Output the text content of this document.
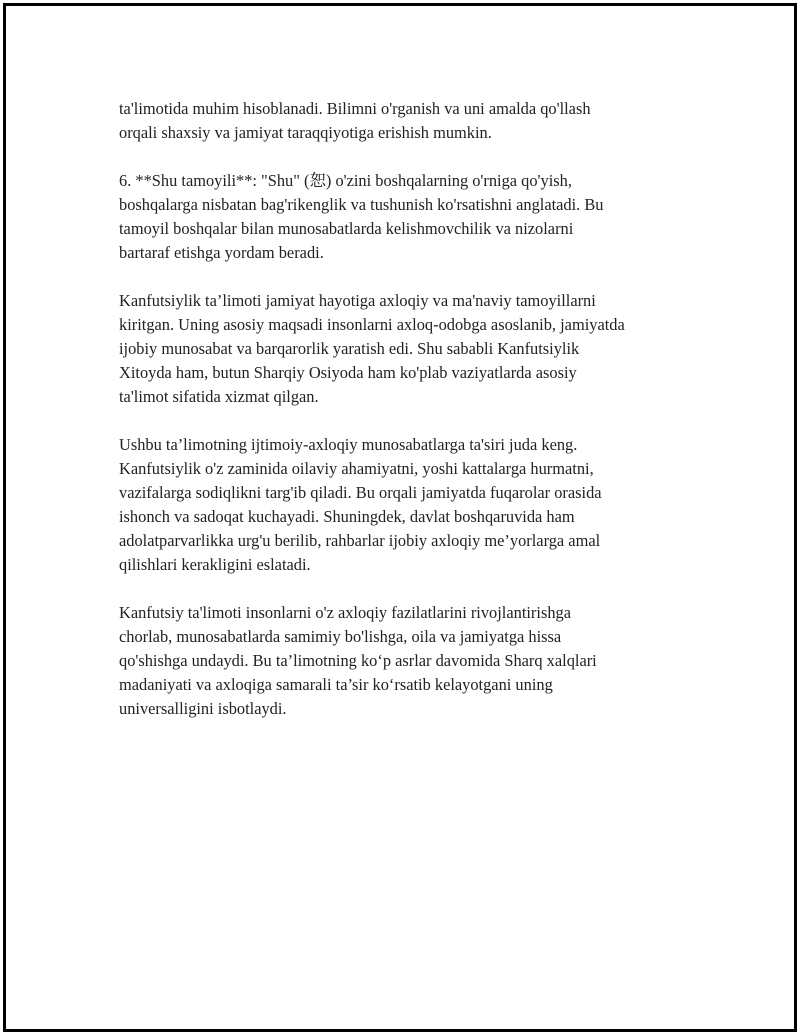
ta'limotida muhim hisoblanadi. Bilimni o'rganish va uni amalda qo'llash
orqali shaxsiy va jamiyat taraqqiyotiga erishish mumkin.

6. **Shu tamoyili**: "Shu" (恕) o'zini boshqalarning o'rniga qo'yish,
boshqalarga nisbatan bag'rikenglik va tushunish ko'rsatishni anglatadi. Bu
tamoyil boshqalar bilan munosabatlarda kelishmovchilik va nizolarni
bartaraf etishga yordam beradi.

Kanfutsiylik ta’limoti jamiyat hayotiga axloqiy va ma'naviy tamoyillarni
kiritgan. Uning asosiy maqsadi insonlarni axloq-odobga asoslanib, jamiyatda
ijobiy munosabat va barqarorlik yaratish edi. Shu sababli Kanfutsiylik
Xitoyda ham, butun Sharqiy Osiyoda ham ko'plab vaziyatlarda asosiy
ta'limot sifatida xizmat qilgan.

Ushbu ta’limotning ijtimoiy-axloqiy munosabatlarga ta'siri juda keng.
Kanfutsiylik o'z zaminida oilaviy ahamiyatni, yoshi kattalarga hurmatni,
vazifalarga sodiqlikni targ'ib qiladi. Bu orqali jamiyatda fuqarolar orasida
ishonch va sadoqat kuchayadi. Shuningdek, davlat boshqaruvida ham
adolatparvarlikka urg'u berilib, rahbarlar ijobiy axloqiy me’yorlarga amal
qilishlari kerakligini eslatadi.

Kanfutsiy ta'limoti insonlarni o'z axloqiy fazilatlarini rivojlantirishga
chorlab, munosabatlarda samimiy bo'lishga, oila va jamiyatga hissa
qo'shishga undaydi. Bu ta’limotning ko‘p asrlar davomida Sharq xalqlari
madaniyati va axloqiga samarali ta’sir ko‘rsatib kelayotgani uning
universalligini isbotlaydi.
